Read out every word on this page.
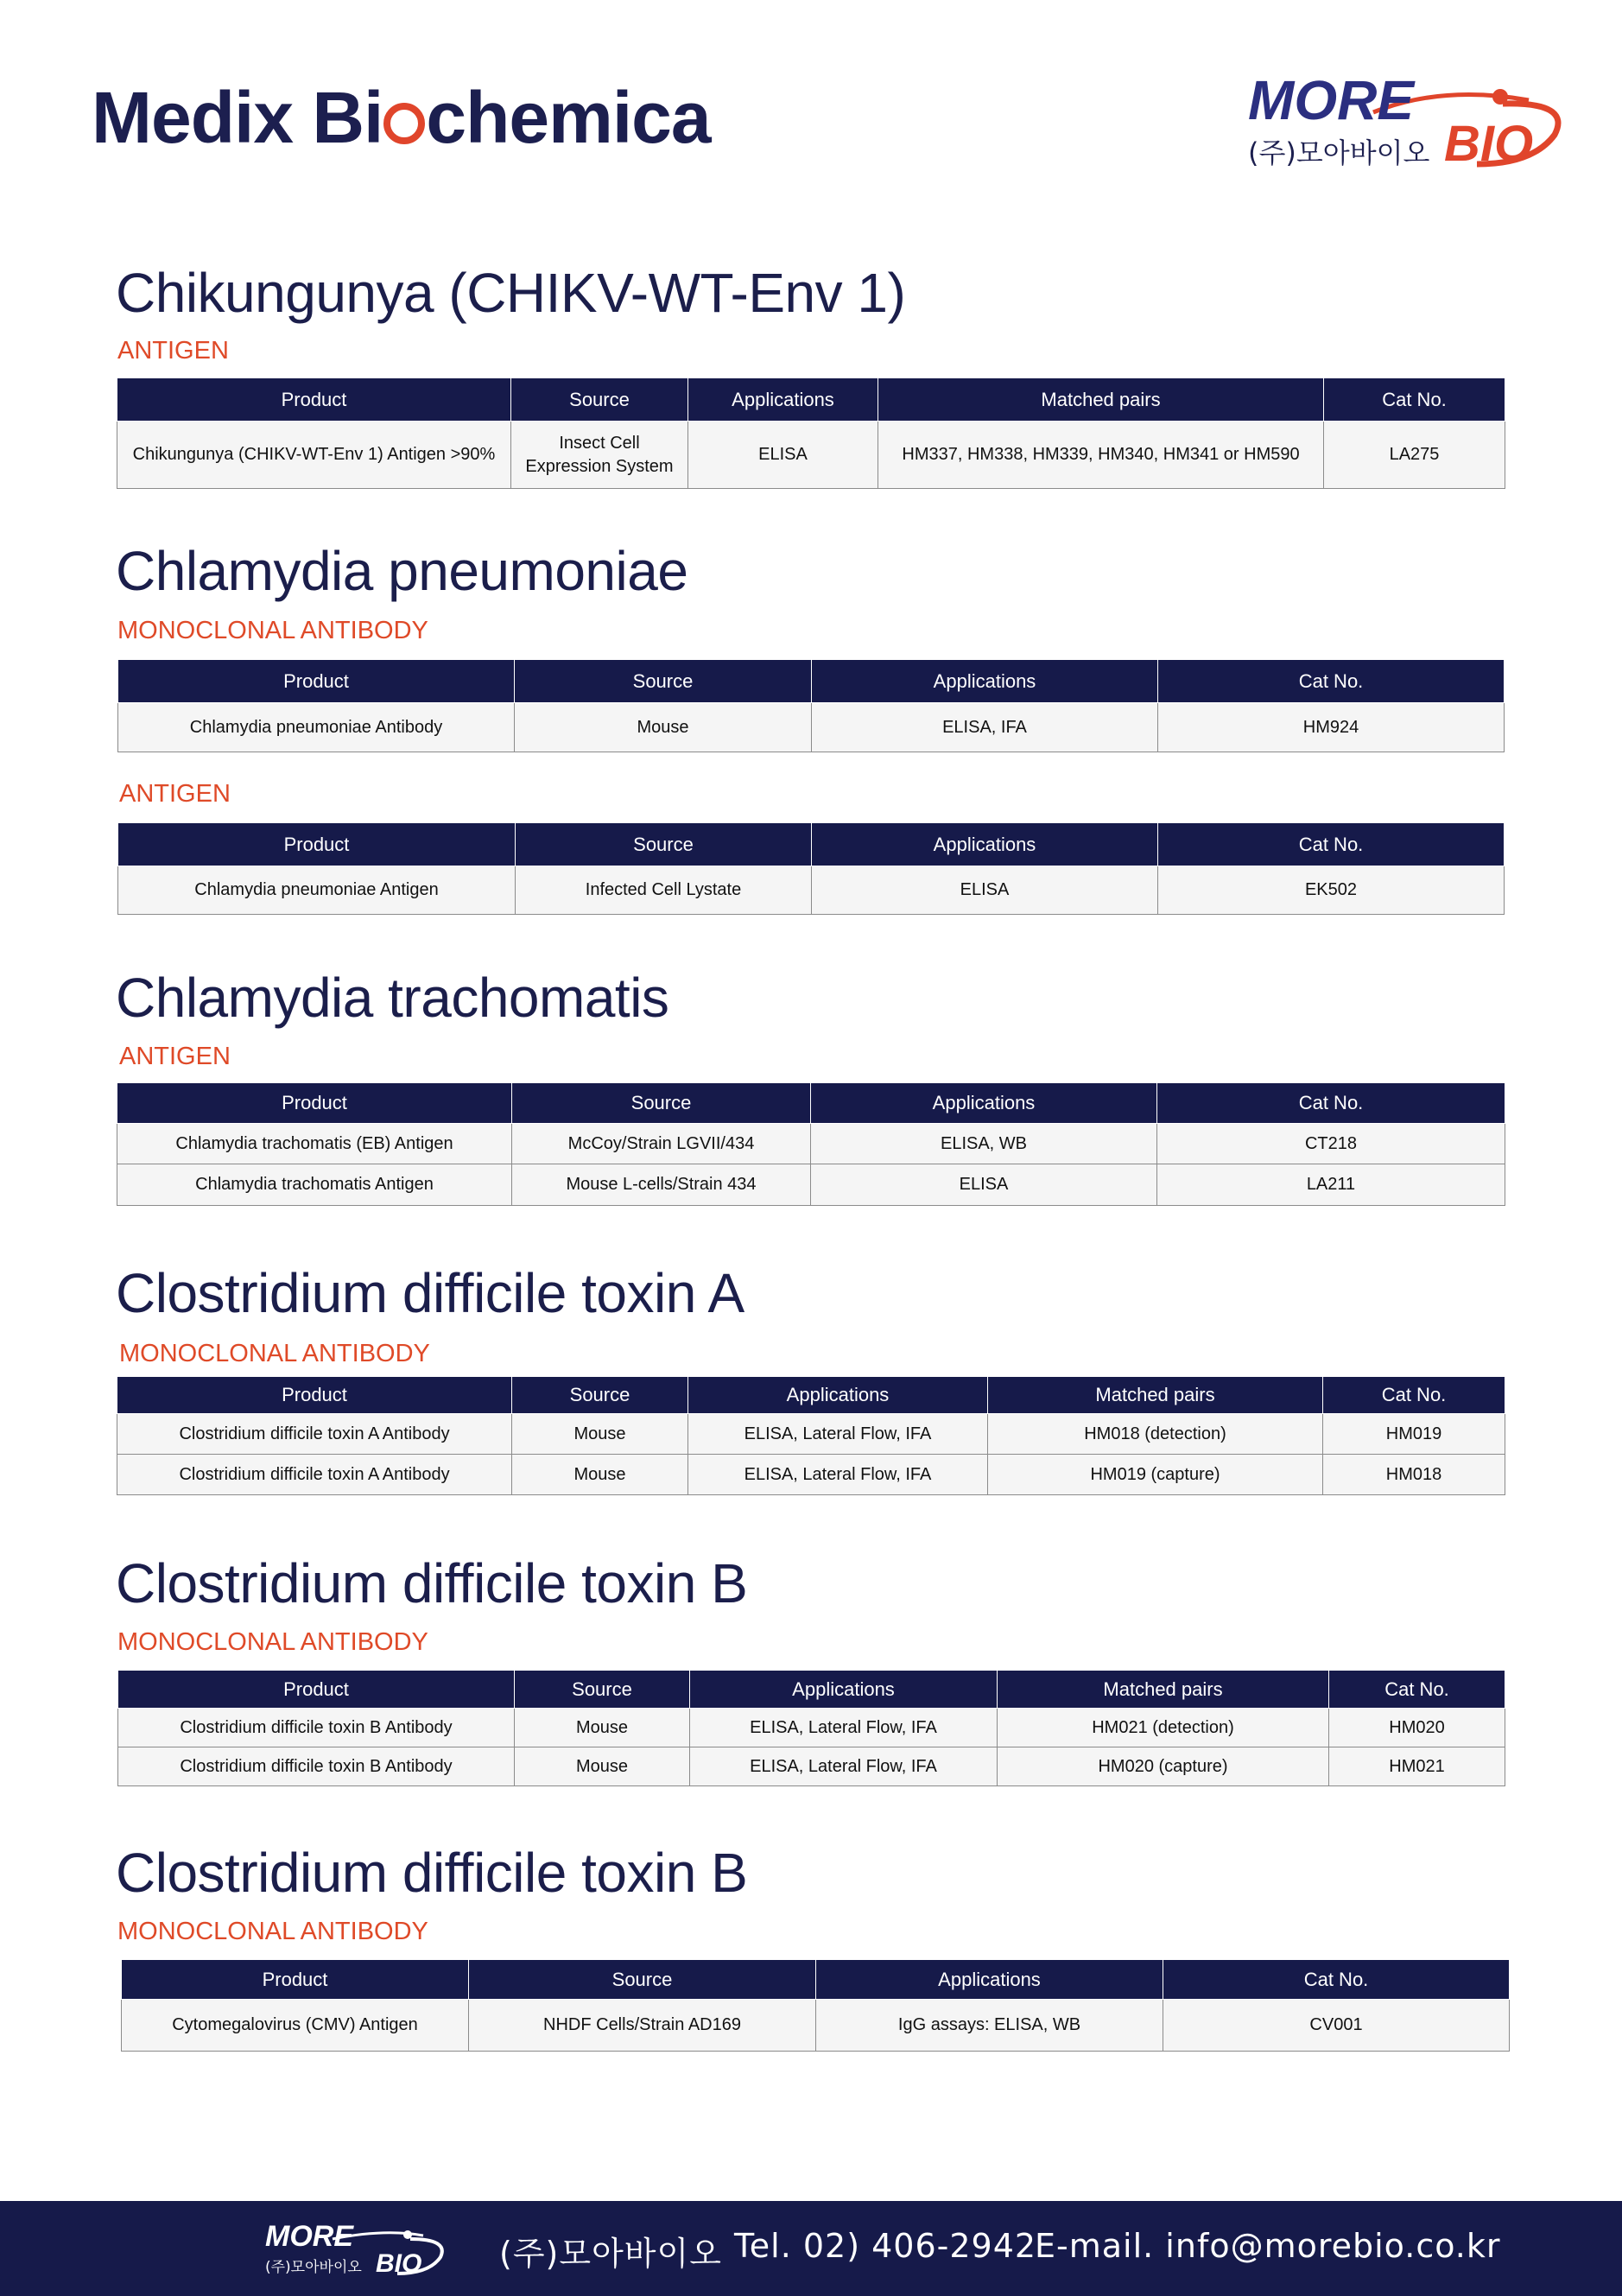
Medix Bi chemica	MORE
(주)모아바이오 BIO
Chikungunya (CHIKV-WT-Env 1)
ANTIGEN
Product	Source	Applications	Matched pairs	Cat No.
Chikungunya (CHIKV-WT-Env 1) Antigen >90%	Insect Cell Expression System	ELISA	HM337, HM338, HM339, HM340, HM341 or HM590	LA275
Chlamydia pneumoniae
MONOCLONAL ANTIBODY
Product	Source	Applications	Cat No.
Chlamydia pneumoniae Antibody	Mouse	ELISA, IFA	HM924
ANTIGEN
Product	Source	Applications	Cat No.
Chlamydia pneumoniae Antigen	Infected Cell Lystate	ELISA	EK502
Chlamydia trachomatis
ANTIGEN
Product	Source	Applications	Cat No.
Chlamydia trachomatis (EB) Antigen	McCoy/Strain LGVII/434	ELISA, WB	CT218
Chlamydia trachomatis Antigen	Mouse L-cells/Strain 434	ELISA	LA211
Clostridium difficile toxin A
MONOCLONAL ANTIBODY
Product	Source	Applications	Matched pairs	Cat No.
Clostridium difficile toxin A Antibody	Mouse	ELISA, Lateral Flow, IFA	HM018 (detection)	HM019
Clostridium difficile toxin A Antibody	Mouse	ELISA, Lateral Flow, IFA	HM019 (capture)	HM018
Clostridium difficile toxin B
MONOCLONAL ANTIBODY
Product	Source	Applications	Matched pairs	Cat No.
Clostridium difficile toxin B Antibody	Mouse	ELISA, Lateral Flow, IFA	HM021 (detection)	HM020
Clostridium difficile toxin B Antibody	Mouse	ELISA, Lateral Flow, IFA	HM020 (capture)	HM021
Clostridium difficile toxin B
MONOCLONAL ANTIBODY
Product	Source	Applications	Cat No.
Cytomegalovirus (CMV) Antigen	NHDF Cells/Strain AD169	IgG assays: ELISA, WB	CV001
MORE
(주)모아바이오 BIO (주)모아바이오 Tel. 02) 406-2942
E-mail. info@morebio.co.kr
